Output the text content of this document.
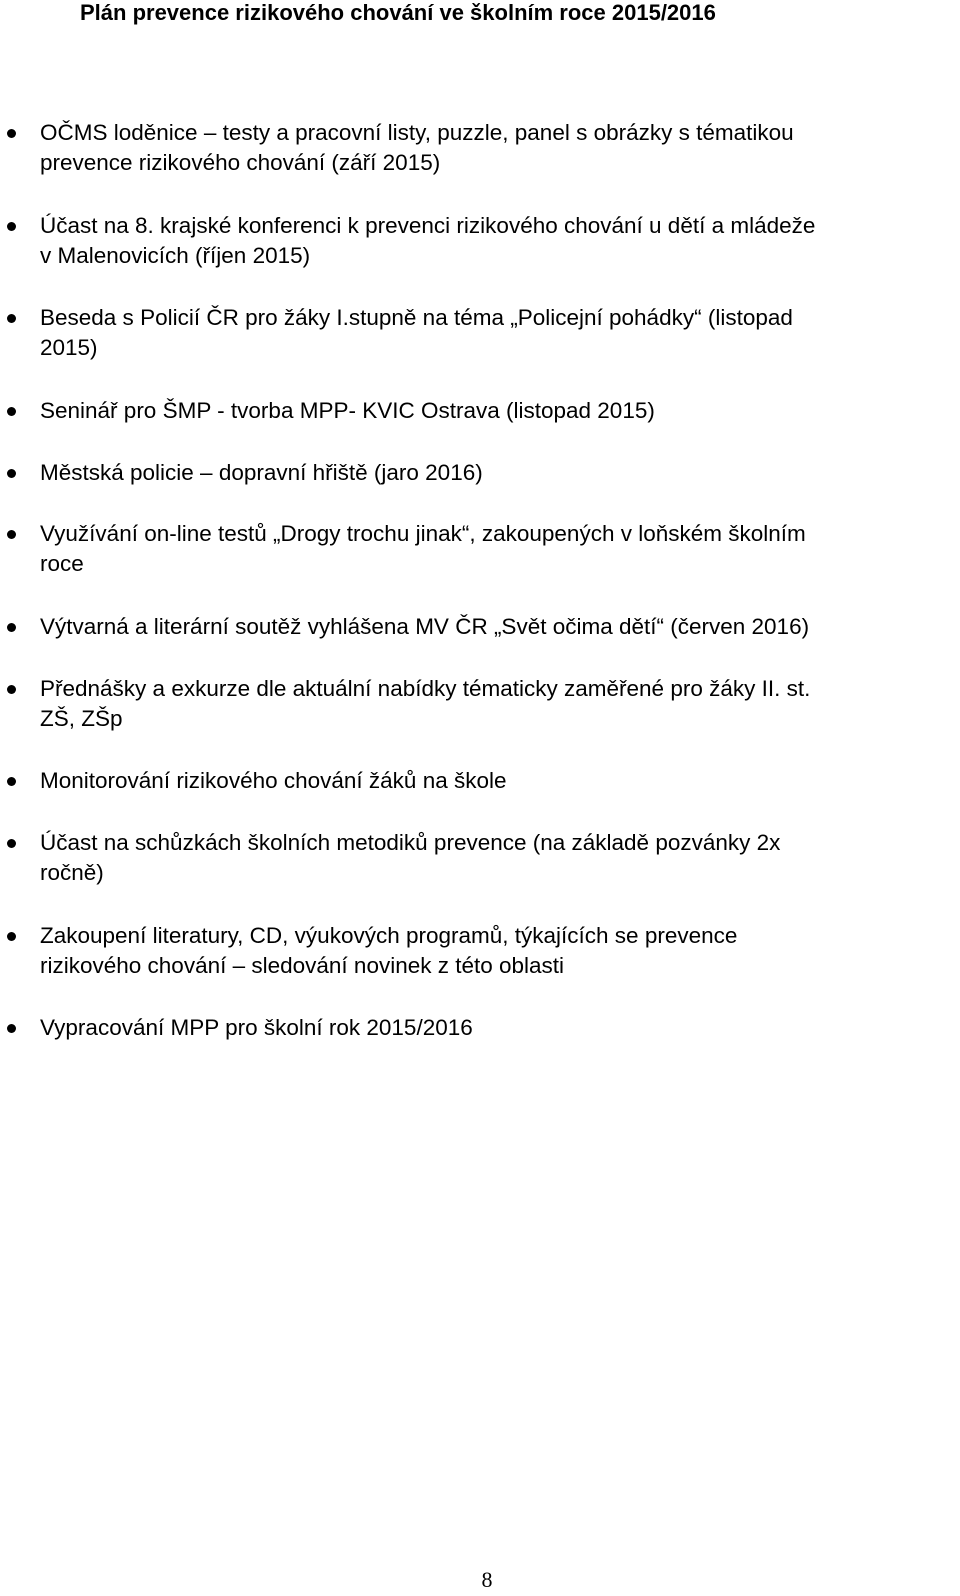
Plán prevence rizikového chování ve školním roce 2015/2016
OČMS loděnice – testy a pracovní listy, puzzle, panel s obrázky s tématikou
prevence rizikového chování (září 2015)
Účast na 8. krajské konferenci k prevenci rizikového chování u dětí a mládeže
v Malenovicích (říjen 2015)
Beseda s Policií ČR pro žáky I.stupně na téma „Policejní pohádky“ (listopad
2015)
Seninář pro ŠMP - tvorba MPP- KVIC Ostrava (listopad 2015)
Městská policie – dopravní hřiště (jaro 2016)
Využívání on-line testů „Drogy trochu jinak“, zakoupených v loňském školním
roce
Výtvarná a literární soutěž vyhlášena MV ČR „Svět očima dětí“ (červen 2016)
Přednášky a exkurze dle aktuální nabídky tématicky zaměřené pro žáky II. st.
ZŠ, ZŠp
Monitorování rizikového chování žáků na škole
Účast na schůzkách školních metodiků prevence (na základě pozvánky 2x
ročně)
Zakoupení literatury, CD, výukových programů, týkajících se prevence
rizikového chování – sledování novinek z této oblasti
Vypracování MPP pro školní rok 2015/2016
8
